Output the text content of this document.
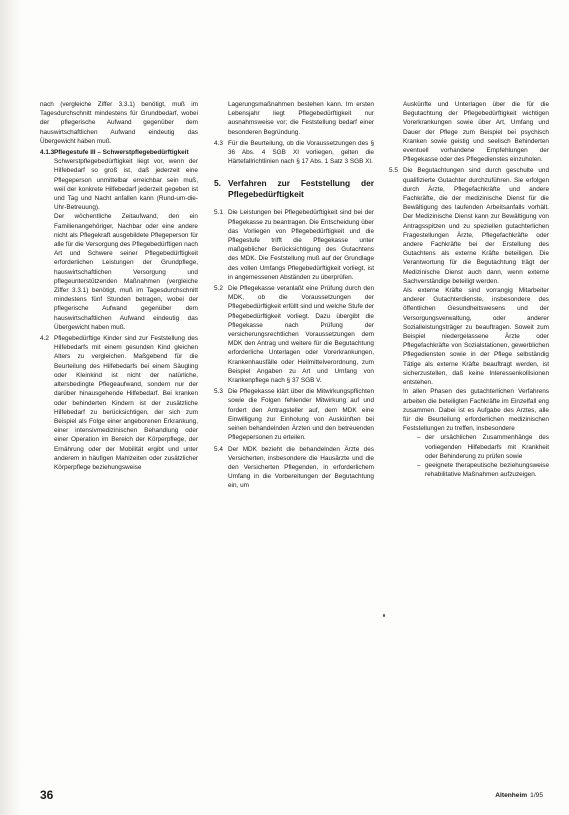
nach (vergleiche Ziffer 3.3.1) benötigt, muß im Tagesdurchschnitt mindestens für Grundbedarf, wobei der pflegerische Aufwand gegenüber dem hauswirtschaftlichen Aufwand eindeutig das Übergewicht haben muß.

4.1.3 Pflegestufe III – Schwerstpflegebedürftigkeit

Schwerstpflegebedürftigkeit liegt vor, wenn der Hilfebedarf so groß ist, daß jederzeit eine Pflegeperson unmittelbar erreichbar sein muß, weil der konkrete Hilfebedarf jederzeit gegeben ist und Tag und Nacht anfallen kann (Rund-um-die-Uhr-Betreuung).

Der wöchentliche Zeitaufwand, den ein Familienangehöriger, Nachbar oder eine andere nicht als Pflegekraft ausgebildete Pflegeperson für alle für die Versorgung des Pflegebedürftigen nach Art und Schwere seiner Pflegebedürftigkeit erforderlichen Leistungen der Grundpflege, hauswirtschaftlichen Versorgung und pflegeunterstützenden Maßnahmen (vergleiche Ziffer 3.3.1) benötigt, muß im Tagesdurchschnitt mindestens fünf Stunden betragen, wobei der pflegerische Aufwand gegenüber dem hauswirtschaftlichen Aufwand eindeutig das Übergewicht haben muß.

4.2 Pflegebedürftige Kinder sind zur Feststellung des Hilfebedarfs mit einem gesunden Kind gleichen Alters zu vergleichen. Maßgebend für die Beurteilung des Hilfebedarfs bei einem Säugling oder Kleinkind ist nicht der natürliche, altersbedingte Pflegeaufwand, sondern nur der darüber hinausgehende Hilfebedarf. Bei kranken oder behinderten Kindern ist der zusätzliche Hilfebedarf zu berücksichtigen, der sich zum Beispiel als Folge einer angeborenen Erkrankung, einer intensivmedizinischen Behandlung oder einer Operation im Bereich der Körperpflege, der Ernährung oder der Mobilität ergibt und unter anderem in häufigen Mahlzeiten oder zusätzlicher Körperpflege beziehungsweise

Lagerungsmaßnahmen bestehen kann. Im ersten Lebensjahr liegt Pflegebedürftigkeit nur ausnahmsweise vor; die Feststellung bedarf einer besonderen Begründung.

4.3 Für die Beurteilung, ob die Voraussetzungen des § 36 Abs. 4 SGB XI vorliegen, gelten die Härtefallrichtlinien nach § 17 Abs. 1 Satz 3 SGB XI.

5. Verfahren zur Feststellung der Pflegebedürftigkeit
5.1 Die Leistungen bei Pflegebedürftigkeit sind bei der Pflegekasse zu beantragen. Die Entscheidung über das Vorliegen von Pflegebedürftigkeit und die Pflegestufe trifft die Pflegekasse unter maßgeblicher Berücksichtigung des Gutachtens des MDK. Die Feststellung muß auf der Grundlage des vollen Umfangs Pflegebedürftigkeit vorliegt, ist in angemessenen Abständen zu überprüfen.

5.2 Die Pflegekasse veranlaßt eine Prüfung durch den MDK, ob die Voraussetzungen der Pflegebedürftigkeit erfüllt sind und welche Stufe der Pflegebedürftigkeit vorliegt. Dazu übergibt die Pflegekasse nach Prüfung der versicherungsrechtlichen Voraussetzungen dem MDK den Antrag und weitere für die Begutachtung erforderliche Unterlagen oder Vorerkrankungen, Krankenhausfälle oder Heilmittelverordnung, zum Beispiel Angaben zu Art und Umfang von Krankenpflege nach § 37 SGB V.

5.3 Die Pflegekasse klärt über die Mitwirkungspflichten sowie die Folgen fehlender Mitwirkung auf und fordert den Antragsteller auf, dem MDK eine Einwilligung zur Einholung von Auskünften bei seinen behandelnden Ärzten und den betreuenden Pflegepersonen zu erteilen.

5.4 Der MDK bezieht die behandelnden Ärzte des Versicherten, insbesondere die Hausärzte und die den Versicherten Pflegenden, in erforderlichem Umfang in die Vorbereitungen der Begutachtung ein, um

Auskünfte und Unterlagen über die für die Begutachtung der Pflegebedürftigkeit wichtigen Vorerkrankungen sowie über Art, Umfang und Dauer der Pflege zum Beispiel bei psychisch Kranken sowie geistig und seelisch Behinderten eventuell vorhandene Empfehlungen der Pflegekasse oder des Pflegedienstes einzuholen.

5.5 Die Begutachtungen sind durch geschulte und qualifizierte Gutachter durchzuführen. Sie erfolgen durch Ärzte, Pflegefachkräfte und andere Fachkräfte, die der medizinische Dienst für die Bewältigung des laufenden Arbeitsanfalls vorhält. Der Medizinische Dienst kann zur Bewältigung von Antragsspitzen und zu speziellen gutachterlichen Fragestellungen Ärzte, Pflegefachkräfte oder andere Fachkräfte bei der Erstellung des Gutachtens als externe Kräfte beteiligen. Die Verantwortung für die Begutachtung trägt der Medizinische Dienst auch dann, wenn externe Sachverständige beteiligt werden.

Als externe Kräfte sind vorrangig Mitarbeiter anderer Gutachterdienste, insbesondere des öffentlichen Gesundheitswesens und der Versorgungsverwaltung, oder anderer Sozialleistungsträger zu beauftragen. Soweit zum Beispiel niedergelassene Ärzte oder Pflegefachkräfte von Sozialstationen, gewerblichen Pflegediensten sowie in der Pflege selbständig Tätige als externe Kräfte beauftragt werden, ist sicherzustellen, daß keine Interessenkollisionen entstehen.

In allen Phasen des gutachterlichen Verfahrens arbeiten die beteiligten Fachkräfte im Einzelfall eng zusammen. Dabei ist es Aufgabe des Arztes, alle für die Beurteilung erforderlichen medizinischen Feststellungen zu treffen, insbesondere

– der ursächlichen Zusammenhänge des vorliegenden Hilfebedarfs mit Krankheit oder Behinderung zu prüfen sowie

– geeignete therapeutische beziehungsweise rehabilitative Maßnahmen aufzuzeigen.

36	Altenheim 1/95
